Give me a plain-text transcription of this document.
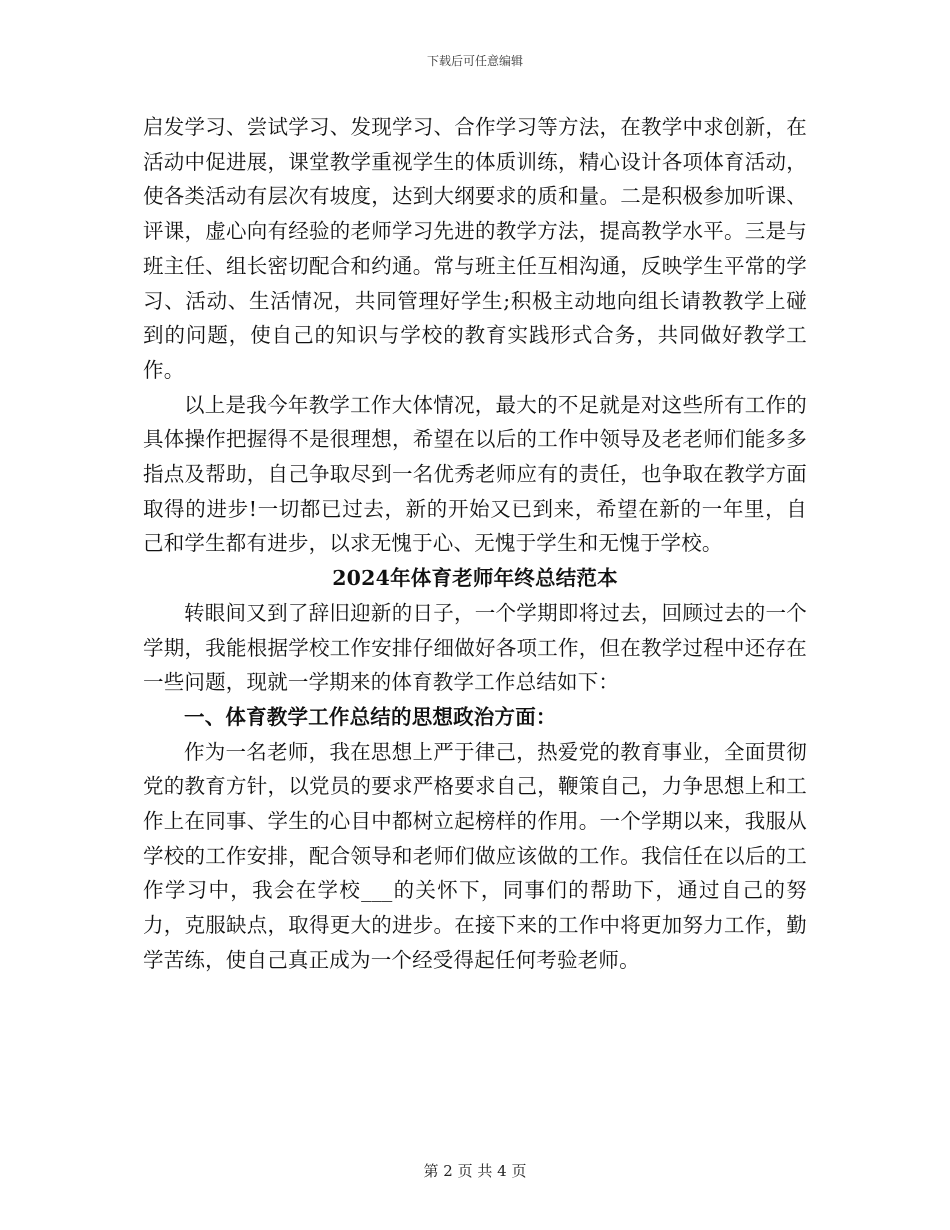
下载后可任意编辑

启发学习、尝试学习、发现学习、合作学习等方法，在教学中求创新，在活动中促进展，课堂教学重视学生的体质训练，精心设计各项体育活动，使各类活动有层次有坡度，达到大纲要求的质和量。二是积极参加听课、评课，虚心向有经验的老师学习先进的教学方法，提高教学水平。三是与班主任、组长密切配合和约通。常与班主任互相沟通，反映学生平常的学习、活动、生活情况，共同管理好学生;积极主动地向组长请教教学上碰到的问题，使自己的知识与学校的教育实践形式合务，共同做好教学工作。

以上是我今年教学工作大体情况，最大的不足就是对这些所有工作的具体操作把握得不是很理想，希望在以后的工作中领导及老老师们能多多指点及帮助，自己争取尽到一名优秀老师应有的责任，也争取在教学方面取得的进步!一切都已过去，新的开始又已到来，希望在新的一年里，自己和学生都有进步，以求无愧于心、无愧于学生和无愧于学校。

2024年体育老师年终总结范本

转眼间又到了辞旧迎新的日子，一个学期即将过去，回顾过去的一个学期，我能根据学校工作安排仔细做好各项工作，但在教学过程中还存在一些问题，现就一学期来的体育教学工作总结如下：

一、体育教学工作总结的思想政治方面：

作为一名老师，我在思想上严于律己，热爱党的教育事业，全面贯彻党的教育方针，以党员的要求严格要求自己，鞭策自己，力争思想上和工作上在同事、学生的心目中都树立起榜样的作用。一个学期以来，我服从学校的工作安排，配合领导和老师们做应该做的工作。我信任在以后的工作学习中，我会在学校___的关怀下，同事们的帮助下，通过自己的努力，克服缺点，取得更大的进步。在接下来的工作中将更加努力工作，勤学苦练，使自己真正成为一个经受得起任何考验老师。

第 2 页 共 4 页
